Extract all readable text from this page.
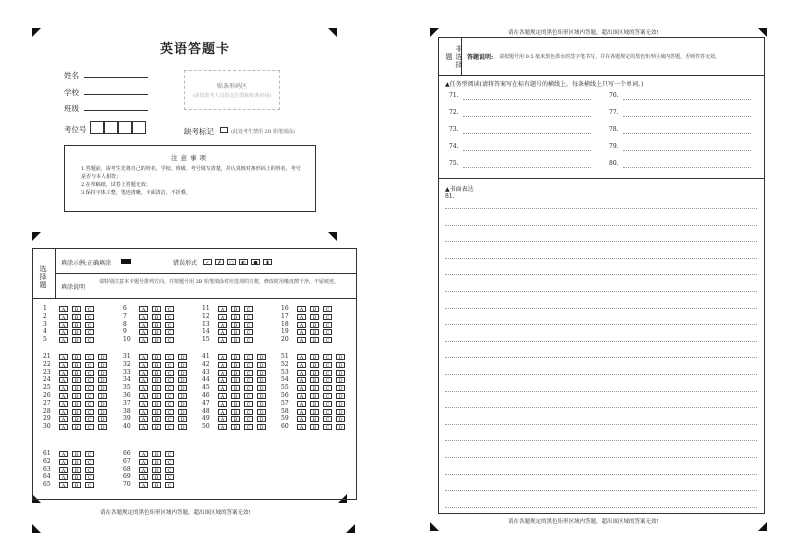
英语答题卡
姓名
学校
班级
考位号
贴条形码区
(请按监考人员指定位置粘贴条形码)
缺考标记	(此处考生禁用 2B 铅笔填涂)
注意事项
1.答题前，请考生先将自己的姓名、学校、班级、考号填写清楚，并认真核对条形码上的姓名、考号是否与本人相符；
2.在草稿纸、试卷上答题无效；
3.保持字体工整，笔迹清晰，卡面清洁，不折叠。
选择题
填涂示例:正确填涂	错误形式	✓	✗	○	◐	●	▮
填涂说明
请特别注意本卡题号排列方向，并按题号用 2B 铅笔填涂对应选项的方框，修改时用橡皮擦干净，不留痕迹。
1	A	B	C
2	A	B	C
3	A	B	C
4	A	B	C
5	A	B	C
6	A	B	C
7	A	B	C
8	A	B	C
9	A	B	C
10	A	B	C
11	A	B	C
12	A	B	C
13	A	B	C
14	A	B	C
15	A	B	C
16	A	B	C
17	A	B	C
18	A	B	C
19	A	B	C
20	A	B	C
21	A	B	C	D
22	A	B	C	D
23	A	B	C	D
24	A	B	C	D
25	A	B	C	D
26	A	B	C	D
27	A	B	C	D
28	A	B	C	D
29	A	B	C	D
30	A	B	C	D
31	A	B	C	D
32	A	B	C	D
33	A	B	C	D
34	A	B	C	D
35	A	B	C	D
36	A	B	C	D
37	A	B	C	D
38	A	B	C	D
39	A	B	C	D
40	A	B	C	D
41	A	B	C	D
42	A	B	C	D
43	A	B	C	D
44	A	B	C	D
45	A	B	C	D
46	A	B	C	D
47	A	B	C	D
48	A	B	C	D
49	A	B	C	D
50	A	B	C	D
51	A	B	C	D
52	A	B	C	D
53	A	B	C	D
54	A	B	C	D
55	A	B	C	D
56	A	B	C	D
57	A	B	C	D
58	A	B	C	D
59	A	B	C	D
60	A	B	C	D
61	A	B	C
62	A	B	C
63	A	B	C
64	A	B	C
65	A	B	C
66	A	B	C
67	A	B	C
68	A	B	C
69	A	B	C
70	A	B	C
请在各题规定的黑色矩形区域内答题，超出该区域的答案无效!
请在各题规定的黑色矩形区域内答题，超出该区域的答案无效!
非选择题	答题说明: 请按题号用 0.5 毫米黑色墨水的签字笔书写，并在各题规定的黑色矩形区域内答题，否则作答无效。
▲任务型阅读(请将答案写在标有题号的横线上，每条横线上只写一个单词。)
71.	76.
72.	77.
73.	78.
74.	79.
75.	80.
▲书面表达
81.
请在各题规定的黑色矩形区域内答题，超出该区域的答案无效!
